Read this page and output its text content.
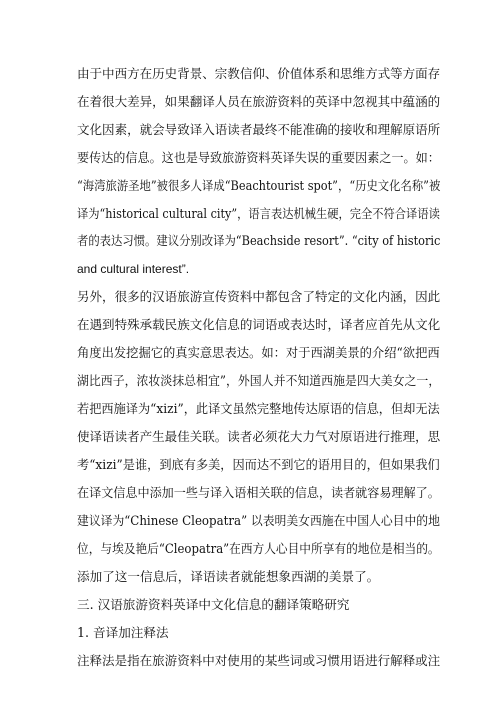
由于中西方在历史背景、宗教信仰、价值体系和思维方式等方面存
在着很大差异，如果翻译人员在旅游资料的英译中忽视其中蕴涵的
文化因素，就会导致译入语读者最终不能准确的接收和理解原语所
要传达的信息。这也是导致旅游资料英译失误的重要因素之一。如：
“海湾旅游圣地”被很多人译成“Beachtourist spot”，“历史文化名称”被
译为“historical cultural city”，语言表达机械生硬，完全不符合译语读
者的表达习惯。建议分别改译为“Beachside resort”. “city of historic
and cultural interest”.
另外，很多的汉语旅游宣传资料中都包含了特定的文化内涵，因此
在遇到特殊承载民族文化信息的词语或表达时，译者应首先从文化
角度出发挖掘它的真实意思表达。如：对于西湖美景的介绍“欲把西
湖比西子，浓妆淡抹总相宜”，外国人并不知道西施是四大美女之一，
若把西施译为“xizi”，此译文虽然完整地传达原语的信息，但却无法
使译语读者产生最佳关联。读者必须花大力气对原语进行推理，思
考“xizi”是谁，到底有多美，因而达不到它的语用目的，但如果我们
在译文信息中添加一些与译入语相关联的信息，读者就容易理解了。
建议译为“Chinese Cleopatra” 以表明美女西施在中国人心目中的地
位，与埃及艳后“Cleopatra”在西方人心目中所享有的地位是相当的。
添加了这一信息后，译语读者就能想象西湖的美景了。
三. 汉语旅游资料英译中文化信息的翻译策略研究
1. 音译加注释法
注释法是指在旅游资料中对使用的某些词或习惯用语进行解释或注
